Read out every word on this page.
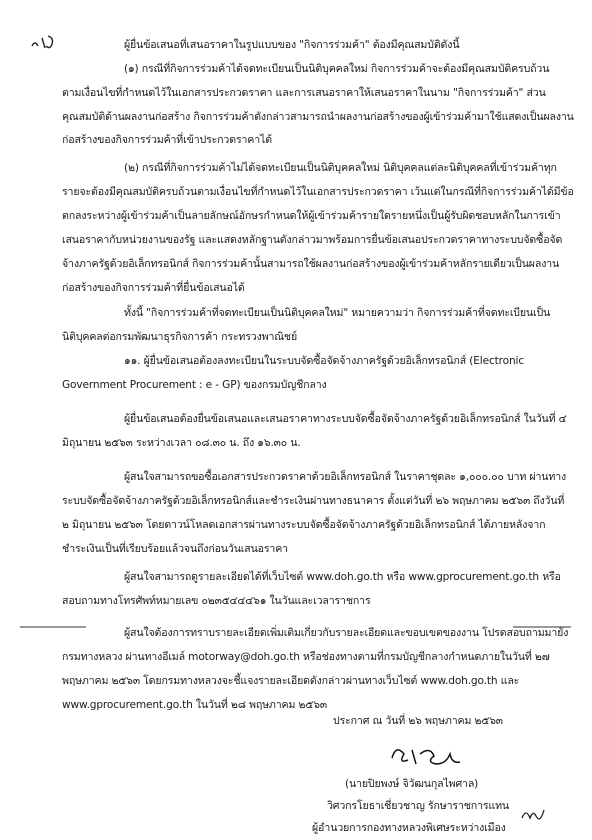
ผู้ยื่นข้อเสนอที่เสนอราคาในรูปแบบของ "กิจการร่วมค้า" ต้องมีคุณสมบัติดังนี้
(๑) กรณีที่กิจการร่วมค้าได้จดทะเบียนเป็นนิติบุคคลใหม่ กิจการร่วมค้าจะต้องมีคุณสมบัติครบถ้วน
ตามเงื่อนไขที่กำหนดไว้ในเอกสารประกวดราคา และการเสนอราคาให้เสนอราคาในนาม "กิจการร่วมค้า" ส่วน
คุณสมบัติด้านผลงานก่อสร้าง กิจการร่วมค้าดังกล่าวสามารถนำผลงานก่อสร้างของผู้เข้าร่วมค้ามาใช้แสดงเป็นผลงาน
ก่อสร้างของกิจการร่วมค้าที่เข้าประกวดราคาได้
(๒) กรณีที่กิจการร่วมค้าไม่ได้จดทะเบียนเป็นนิติบุคคลใหม่ นิติบุคคลแต่ละนิติบุคคลที่เข้าร่วมค้าทุก
รายจะต้องมีคุณสมบัติครบถ้วนตามเงื่อนไขที่กำหนดไว้ในเอกสารประกวดราคา เว้นแต่ในกรณีที่กิจการร่วมค้าได้มีข้อ
ตกลงระหว่างผู้เข้าร่วมค้าเป็นลายลักษณ์อักษรกำหนดให้ผู้เข้าร่วมค้ารายใดรายหนึ่งเป็นผู้รับผิดชอบหลักในการเข้า
เสนอราคากับหน่วยงานของรัฐ และแสดงหลักฐานดังกล่าวมาพร้อมการยื่นข้อเสนอประกวดราคาทางระบบจัดซื้อจัด
จ้างภาครัฐด้วยอิเล็กทรอนิกส์ กิจการร่วมค้านั้นสามารถใช้ผลงานก่อสร้างของผู้เข้าร่วมค้าหลักรายเดียวเป็นผลงาน
ก่อสร้างของกิจการร่วมค้าที่ยื่นข้อเสนอได้
ทั้งนี้ "กิจการร่วมค้าที่จดทะเบียนเป็นนิติบุคคลใหม่" หมายความว่า กิจการร่วมค้าที่จดทะเบียนเป็น
นิติบุคคลต่อกรมพัฒนาธุรกิจการค้า กระทรวงพาณิชย์
๑๑. ผู้ยื่นข้อเสนอต้องลงทะเบียนในระบบจัดซื้อจัดจ้างภาครัฐด้วยอิเล็กทรอนิกส์ (Electronic
Government Procurement : e - GP) ของกรมบัญชีกลาง
ผู้ยื่นข้อเสนอต้องยื่นข้อเสนอและเสนอราคาทางระบบจัดซื้อจัดจ้างภาครัฐด้วยอิเล็กทรอนิกส์ ในวันที่ ๔
มิถุนายน ๒๕๖๓ ระหว่างเวลา ๐๘.๓๐ น. ถึง ๑๖.๓๐ น.
ผู้สนใจสามารถขอซื้อเอกสารประกวดราคาด้วยอิเล็กทรอนิกส์ ในราคาชุดละ ๑,๐๐๐.๐๐ บาท ผ่านทาง
ระบบจัดซื้อจัดจ้างภาครัฐด้วยอิเล็กทรอนิกส์และชำระเงินผ่านทางธนาคาร ตั้งแต่วันที่ ๒๖ พฤษภาคม ๒๕๖๓ ถึงวันที่
๒ มิถุนายน ๒๕๖๓ โดยดาวน์โหลดเอกสารผ่านทางระบบจัดซื้อจัดจ้างภาครัฐด้วยอิเล็กทรอนิกส์ ได้ภายหลังจาก
ชำระเงินเป็นที่เรียบร้อยแล้วจนถึงก่อนวันเสนอราคา
ผู้สนใจสามารถดูรายละเอียดได้ที่เว็บไซต์ www.doh.go.th หรือ www.gprocurement.go.th หรือ
สอบถามทางโทรศัพท์หมายเลข ๐๒๓๕๔๔๔๖๑ ในวันและเวลาราชการ
ผู้สนใจต้องการทราบรายละเอียดเพิ่มเติมเกี่ยวกับรายละเอียดและขอบเขตของงาน โปรดสอบถามมายัง
กรมทางหลวง ผ่านทางอีเมล์ motorway@doh.go.th หรือช่องทางตามที่กรมบัญชีกลางกำหนดภายในวันที่ ๒๗
พฤษภาคม ๒๕๖๓ โดยกรมทางหลวงจะชี้แจงรายละเอียดดังกล่าวผ่านทางเว็บไซต์ www.doh.go.th และ
www.gprocurement.go.th ในวันที่ ๒๘ พฤษภาคม ๒๕๖๓
ประกาศ ณ วันที่ ๒๖ พฤษภาคม ๒๕๖๓
(นายปิยพงษ์ จิวัฒนกุลไพศาล)
วิศวกรโยธาเชี่ยวชาญ รักษาราชการแทน
ผู้อำนวยการกองทางหลวงพิเศษระหว่างเมือง
